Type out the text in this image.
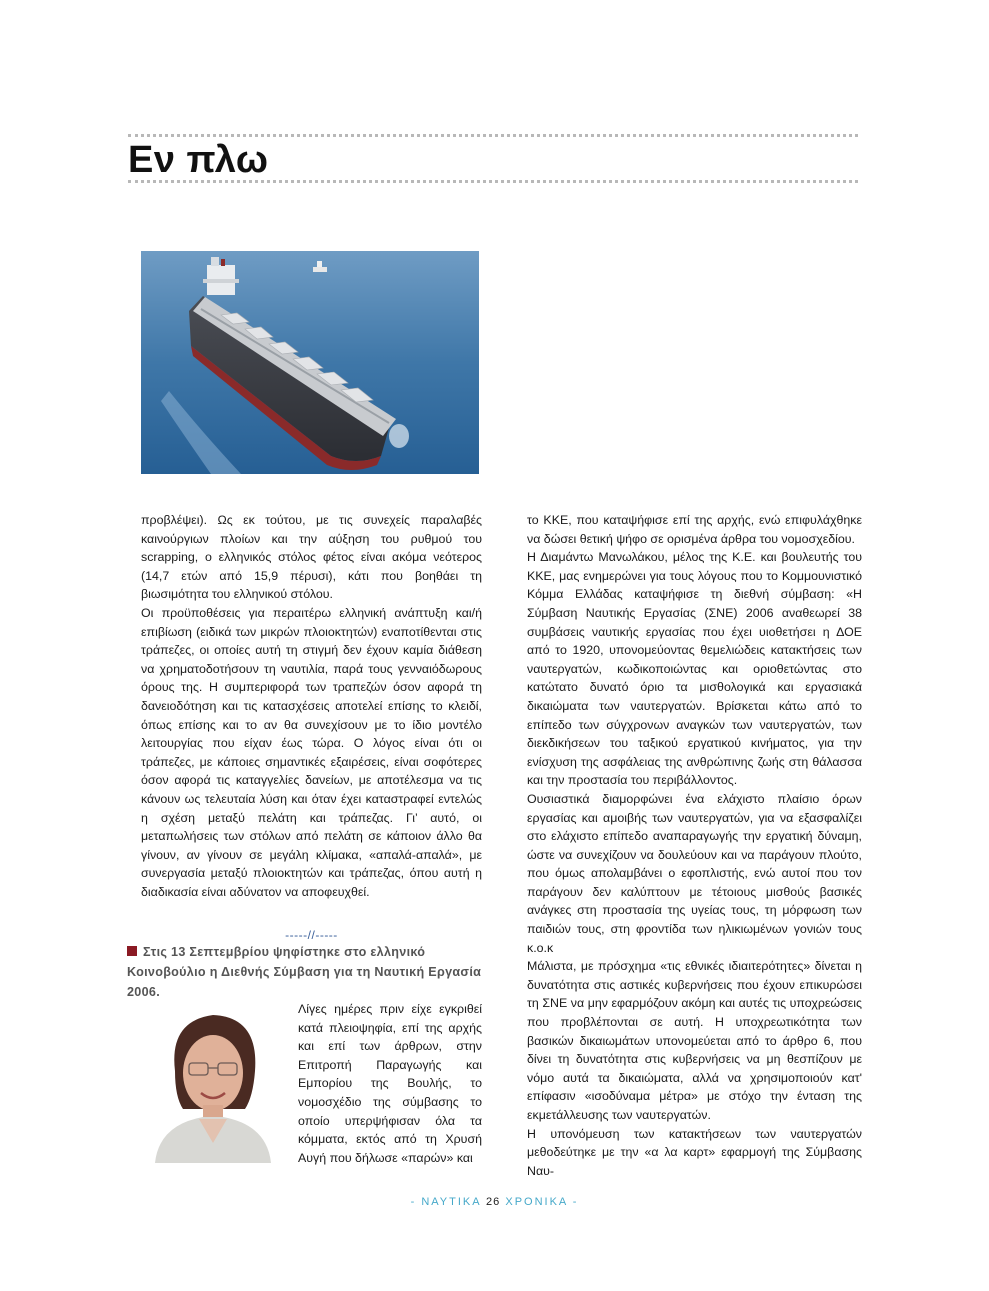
Εν πλω

προβλέψει). Ως εκ τούτου, με τις συνεχείς παραλαβές καινούργιων πλοίων και την αύξηση του ρυθμού του scrapping, ο ελληνικός στόλος φέτος είναι ακόμα νεότερος (14,7 ετών από 15,9 πέρυσι), κάτι που βοηθάει τη βιωσιμότητα του ελληνικού στόλου.

Οι προϋποθέσεις για περαιτέρω ελληνική ανάπτυξη και/ή επιβίωση (ειδικά των μικρών πλοιοκτητών) εναποτίθενται στις τράπεζες, οι οποίες αυτή τη στιγμή δεν έχουν καμία διάθεση να χρηματοδοτήσουν τη ναυτιλία, παρά τους γενναιόδωρους όρους της. Η συμπεριφορά των τραπεζών όσον αφορά τη δανειοδότηση και τις κατασχέσεις αποτελεί επίσης το κλειδί, όπως επίσης και το αν θα συνεχίσουν με το ίδιο μοντέλο λειτουργίας που είχαν έως τώρα. Ο λόγος είναι ότι οι τράπεζες, με κάποιες σημαντικές εξαιρέσεις, είναι σοφότερες όσον αφορά τις καταγγελίες δανείων, με αποτέλεσμα να τις κάνουν ως τελευταία λύση και όταν έχει καταστραφεί εντελώς η σχέση μεταξύ πελάτη και τράπεζας. Γι’ αυτό, οι μεταπωλήσεις των στόλων από πελάτη σε κάποιον άλλο θα γίνουν, αν γίνουν σε μεγάλη κλίμακα, «απαλά-απαλά», με συνεργασία μεταξύ πλοιοκτητών και τράπεζας, όπου αυτή η διαδικασία είναι αδύνατον να αποφευχθεί.

-----//-----
Στις 13 Σεπτεμβρίου ψηφίστηκε στο ελληνικό Κοινοβούλιο η Διεθνής Σύμβαση για τη Ναυτική Εργασία 2006.
Λίγες ημέρες πριν είχε εγκριθεί κατά πλειοψηφία, επί της αρχής και επί των άρθρων, στην Επιτροπή Παραγωγής και Εμπορίου της Βουλής, το νομοσχέδιο της σύμβασης το οποίο υπερψήφισαν όλα τα κόμματα, εκτός από τη Χρυσή Αυγή που δήλωσε «παρών» και

το ΚΚΕ, που καταψήφισε επί της αρχής, ενώ επιφυλάχθηκε να δώσει θετική ψήφο σε ορισμένα άρθρα του νομοσχεδίου.

Η Διαμάντω Μανωλάκου, μέλος της Κ.Ε. και βουλευτής του ΚΚΕ, μας ενημερώνει για τους λόγους που το Κομμουνιστικό Κόμμα Ελλάδας καταψήφισε τη διεθνή σύμβαση: «Η Σύμβαση Ναυτικής Εργασίας (ΣΝΕ) 2006 αναθεωρεί 38 συμβάσεις ναυτικής εργασίας που έχει υιοθετήσει η ΔΟΕ από το 1920, υπονομεύοντας θεμελιώδεις κατακτήσεις των ναυτεργατών, κωδικοποιώντας και οριοθετώντας στο κατώτατο δυνατό όριο τα μισθολογικά και εργασιακά δικαιώματα των ναυτεργατών. Βρίσκεται κάτω από το επίπεδο των σύγχρονων αναγκών των ναυτεργατών, των διεκδικήσεων του ταξικού εργατικού κινήματος, για την ενίσχυση της ασφάλειας της ανθρώπινης ζωής στη θάλασσα και την προστασία του περιβάλλοντος.

Ουσιαστικά διαμορφώνει ένα ελάχιστο πλαίσιο όρων εργασίας και αμοιβής των ναυτεργατών, για να εξασφαλίζει στο ελάχιστο επίπεδο αναπαραγωγής την εργατική δύναμη, ώστε να συνεχίζουν να δουλεύουν και να παράγουν πλούτο, που όμως απολαμβάνει ο εφοπλιστής, ενώ αυτοί που τον παράγουν δεν καλύπτουν με τέτοιους μισθούς βασικές ανάγκες στη προστασία της υγείας τους, τη μόρφωση των παιδιών τους, στη φροντίδα των ηλικιωμένων γονιών τους κ.ο.κ

Μάλιστα, με πρόσχημα «τις εθνικές ιδιαιτερότητες» δίνεται η δυνατότητα στις αστικές κυβερνήσεις που έχουν επικυρώσει τη ΣΝΕ να μην εφαρμόζουν ακόμη και αυτές τις υποχρεώσεις που προβλέπονται σε αυτή. Η υποχρεωτικότητα των βασικών δικαιωμάτων υπονομεύεται από το άρθρο 6, που δίνει τη δυνατότητα στις κυβερνήσεις να μη θεσπίζουν με νόμο αυτά τα δικαιώματα, αλλά να χρησιμοποιούν κατ' επίφασιν «ισοδύναμα μέτρα» με στόχο την ένταση της εκμετάλλευσης των ναυτεργατών.

Η υπονόμευση των κατακτήσεων των ναυτεργατών μεθοδεύτηκε με την «α λα καρτ» εφαρμογή της Σύμβασης Ναυ-

- ΝΑΥΤΙΚΑ 26 ΧΡΟΝΙΚΑ -
